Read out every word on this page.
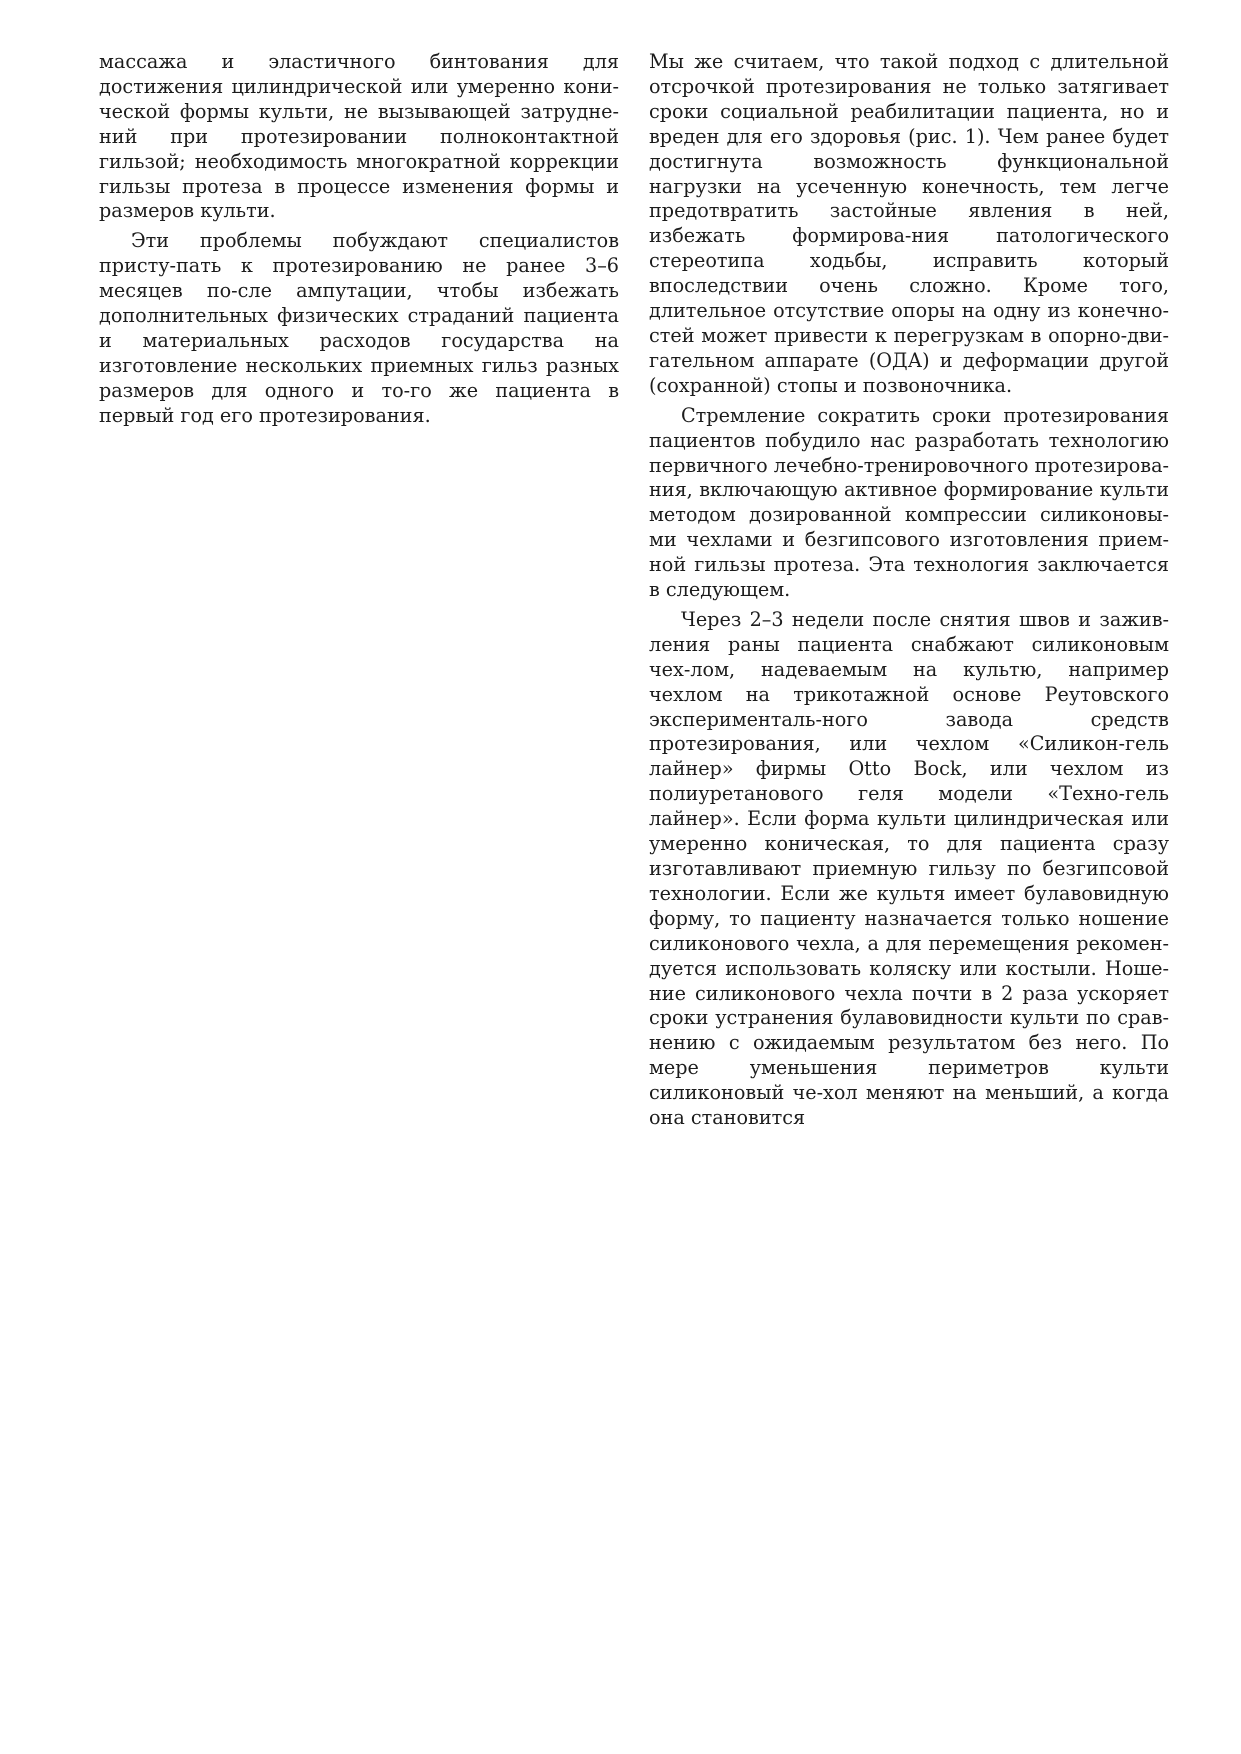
массажа и эластичного бинтования для достижения цилиндрической или умеренно кони-ческой формы культи, не вызывающей затрудне-ний при протезировании полноконтактной гильзой; необходимость многократной коррекции гильзы протеза в процессе изменения формы и размеров культи.

Эти проблемы побуждают специалистов присту-пать к протезированию не ранее 3–6 месяцев по-сле ампутации, чтобы избежать дополнительных физических страданий пациента и материальных расходов государства на изготовление нескольких приемных гильз разных размеров для одного и то-го же пациента в первый год его протезирования.

Мы же считаем, что такой подход с длительной отсрочкой протезирования не только затягивает сроки социальной реабилитации пациента, но и вреден для его здоровья (рис. 1). Чем ранее будет достигнута возможность функциональной нагрузки на усеченную конечность, тем легче предотвратить застойные явления в ней, избежать формирова-ния патологического стереотипа ходьбы, исправить который впоследствии очень сложно. Кроме того, длительное отсутствие опоры на одну из конечно-стей может привести к перегрузкам в опорно-дви-гательном аппарате (ОДА) и деформации другой (сохранной) стопы и позвоночника.

Стремление сократить сроки протезирования пациентов побудило нас разработать технологию первичного лечебно-тренировочного протезирова-ния, включающую активное формирование культи методом дозированной компрессии силиконовы-ми чехлами и безгипсового изготовления прием-ной гильзы протеза. Эта технология заключается в следующем.

Через 2–3 недели после снятия швов и зажив-ления раны пациента снабжают силиконовым чех-лом, надеваемым на культю, например чехлом на трикотажной основе Реутовского эксперименталь-ного завода средств протезирования, или чехлом «Силикон-гель лайнер» фирмы Otto Bock, или чехлом из полиуретанового геля модели «Техно-гель лайнер». Если форма культи цилиндрическая или умеренно коническая, то для пациента сразу изготавливают приемную гильзу по безгипсовой технологии. Если же культя имеет булавовидную форму, то пациенту назначается только ношение силиконового чехла, а для перемещения рекомен-дуется использовать коляску или костыли. Ноше-ние силиконового чехла почти в 2 раза ускоряет сроки устранения булавовидности культи по срав-нению с ожидаемым результатом без него. По мере уменьшения периметров культи силиконовый че-хол меняют на меньший, а когда она становится
